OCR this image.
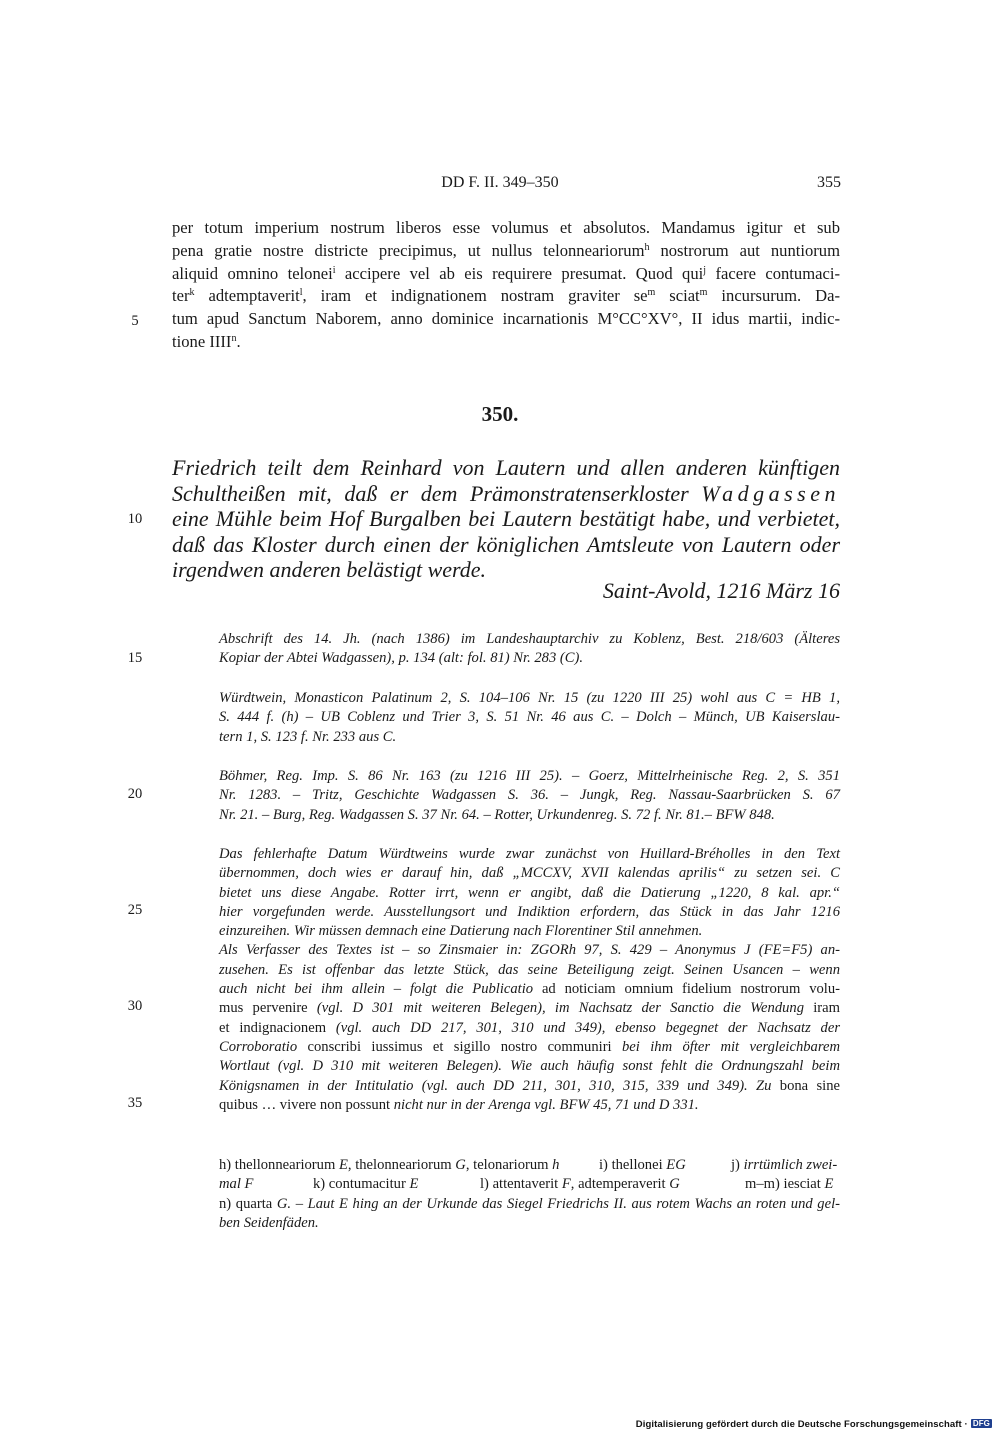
DD F. II. 349–350	355
5
10
15
20
25
30
35
per totum imperium nostrum liberos esse volumus et absolutos. Mandamus igitur et sub
pena gratie nostre districte precipimus, ut nullus telonneariorum$^h$ nostrorum aut nuntiorum
aliquid omnino telonei$^i$ accipere vel ab eis requirere presumat. Quod qui$^j$ facere contumaci-
ter$^k$ adtemptaverit$^l$, iram et indignationem nostram graviter $se^m$ sciat$^m$ incursurum. Da-
tum apud Sanctum Naborem, anno dominice incarnationis M°CC°XV°, II idus martii, indic-
tione IIII$^n$.
350.
Friedrich teilt dem Reinhard von Lautern und allen anderen künftigen
Schultheißen mit, daß er dem Prämonstratenserkloster Wadgassen
eine Mühle beim Hof Burgalben bei Lautern bestätigt habe, und verbietet,
daß das Kloster durch einen der königlichen Amtsleute von Lautern oder
irgendwen anderen belästigt werde.
Saint-Avold, 1216 März 16
Abschrift des 14. Jh. (nach 1386) im Landeshauptarchiv zu Koblenz, Best. 218/603 (Älteres
Kopiar der Abtei Wadgassen), p. 134 (alt: fol. 81) Nr. 283 (C).
Würdtwein, Monasticon Palatinum 2, S. 104–106 Nr. 15 (zu 1220 III 25) wohl aus C = HB 1,
S. 444 f. (h) – UB Coblenz und Trier 3, S. 51 Nr. 46 aus C. – Dolch – Münch, UB Kaiserslau-
tern 1, S. 123 f. Nr. 233 aus C.
Böhmer, Reg. Imp. S. 86 Nr. 163 (zu 1216 III 25). – Goerz, Mittelrheinische Reg. 2, S. 351
Nr. 1283. – Tritz, Geschichte Wadgassen S. 36. – Jungk, Reg. Nassau-Saarbrücken S. 67
Nr. 21. – Burg, Reg. Wadgassen S. 37 Nr. 64. – Rotter, Urkundenreg. S. 72 f. Nr. 81.– BFW 848.
Das fehlerhafte Datum Würdtweins wurde zwar zunächst von Huillard-Bréholles in den Text
übernommen, doch wies er darauf hin, daß „MCCXV, XVII kalendas aprilis“ zu setzen sei. C
bietet uns diese Angabe. Rotter irrt, wenn er angibt, daß die Datierung „1220, 8 kal. apr.“
hier vorgefunden werde. Ausstellungsort und Indiktion erfordern, das Stück in das Jahr 1216
einzureihen. Wir müssen demnach eine Datierung nach Florentiner Stil annehmen.
Als Verfasser des Textes ist – so Zinsmaier in: ZGORh 97, S. 429 – Anonymus J (FE=F5) an-
zusehen. Es ist offenbar das letzte Stück, das seine Beteiligung zeigt. Seinen Usancen – wenn
auch nicht bei ihm allein – folgt die Publicatio ad noticiam omnium fidelium nostrorum volu-
mus pervenire (vgl. D 301 mit weiteren Belegen), im Nachsatz der Sanctio die Wendung iram
et indignacionem (vgl. auch DD 217, 301, 310 und 349), ebenso begegnet der Nachsatz der
Corroboratio conscribi iussimus et sigillo nostro communiri bei ihm öfter mit vergleichbarem
Wortlaut (vgl. D 310 mit weiteren Belegen). Wie auch häufig sonst fehlt die Ordnungszahl beim
Königsnamen in der Intitulatio (vgl. auch DD 211, 301, 310, 315, 339 und 349). Zu bona sine
quibus … vivere non possunt nicht nur in der Arenga vgl. BFW 45, 71 und D 331.
h) thellonneariorum E, thelonneariorum G, telonariorum h	i) thellonei EG	j) irrtümlich zwei-
mal F	k) contumacitur E	l) attentaverit F, adtemperaverit G	m–m) iesciat E
n) quarta G. – Laut E hing an der Urkunde das Siegel Friedrichs II. aus rotem Wachs an roten und gel-
ben Seidenfäden.
Digitalisierung gefördert durch die Deutsche Forschungsgemeinschaft · DFG
